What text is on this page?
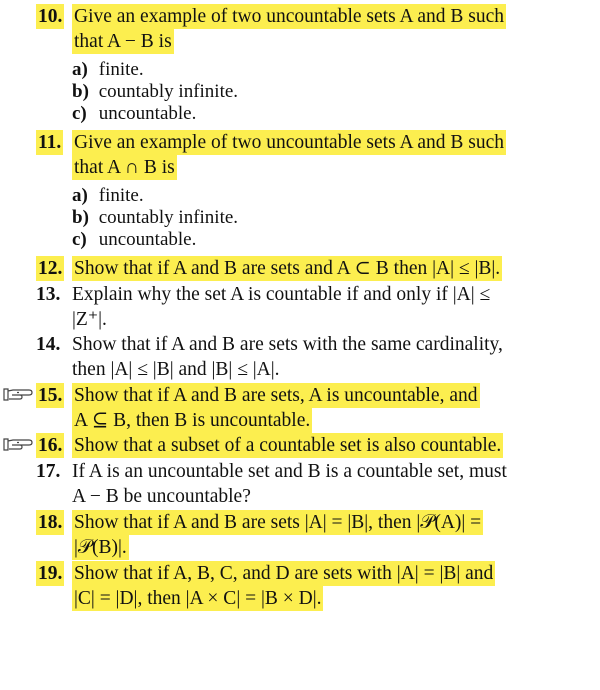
10. Give an example of two uncountable sets A and B such
that A − B is
a) finite.
b) countably infinite.
c) uncountable.
11. Give an example of two uncountable sets A and B such
that A ∩ B is
a) finite.
b) countably infinite.
c) uncountable.
12. Show that if A and B are sets and A ⊂ B then |A| ≤ |B|.
13. Explain why the set A is countable if and only if |A| ≤
|Z⁺|.
14. Show that if A and B are sets with the same cardinality,
then |A| ≤ |B| and |B| ≤ |A|.
15. Show that if A and B are sets, A is uncountable, and
A ⊆ B, then B is uncountable.
16. Show that a subset of a countable set is also countable.
17. If A is an uncountable set and B is a countable set, must
A − B be uncountable?
18. Show that if A and B are sets |A| = |B|, then |𝒫(A)| =
|𝒫(B)|.
19. Show that if A, B, C, and D are sets with |A| = |B| and
|C| = |D|, then |A × C| = |B × D|.
